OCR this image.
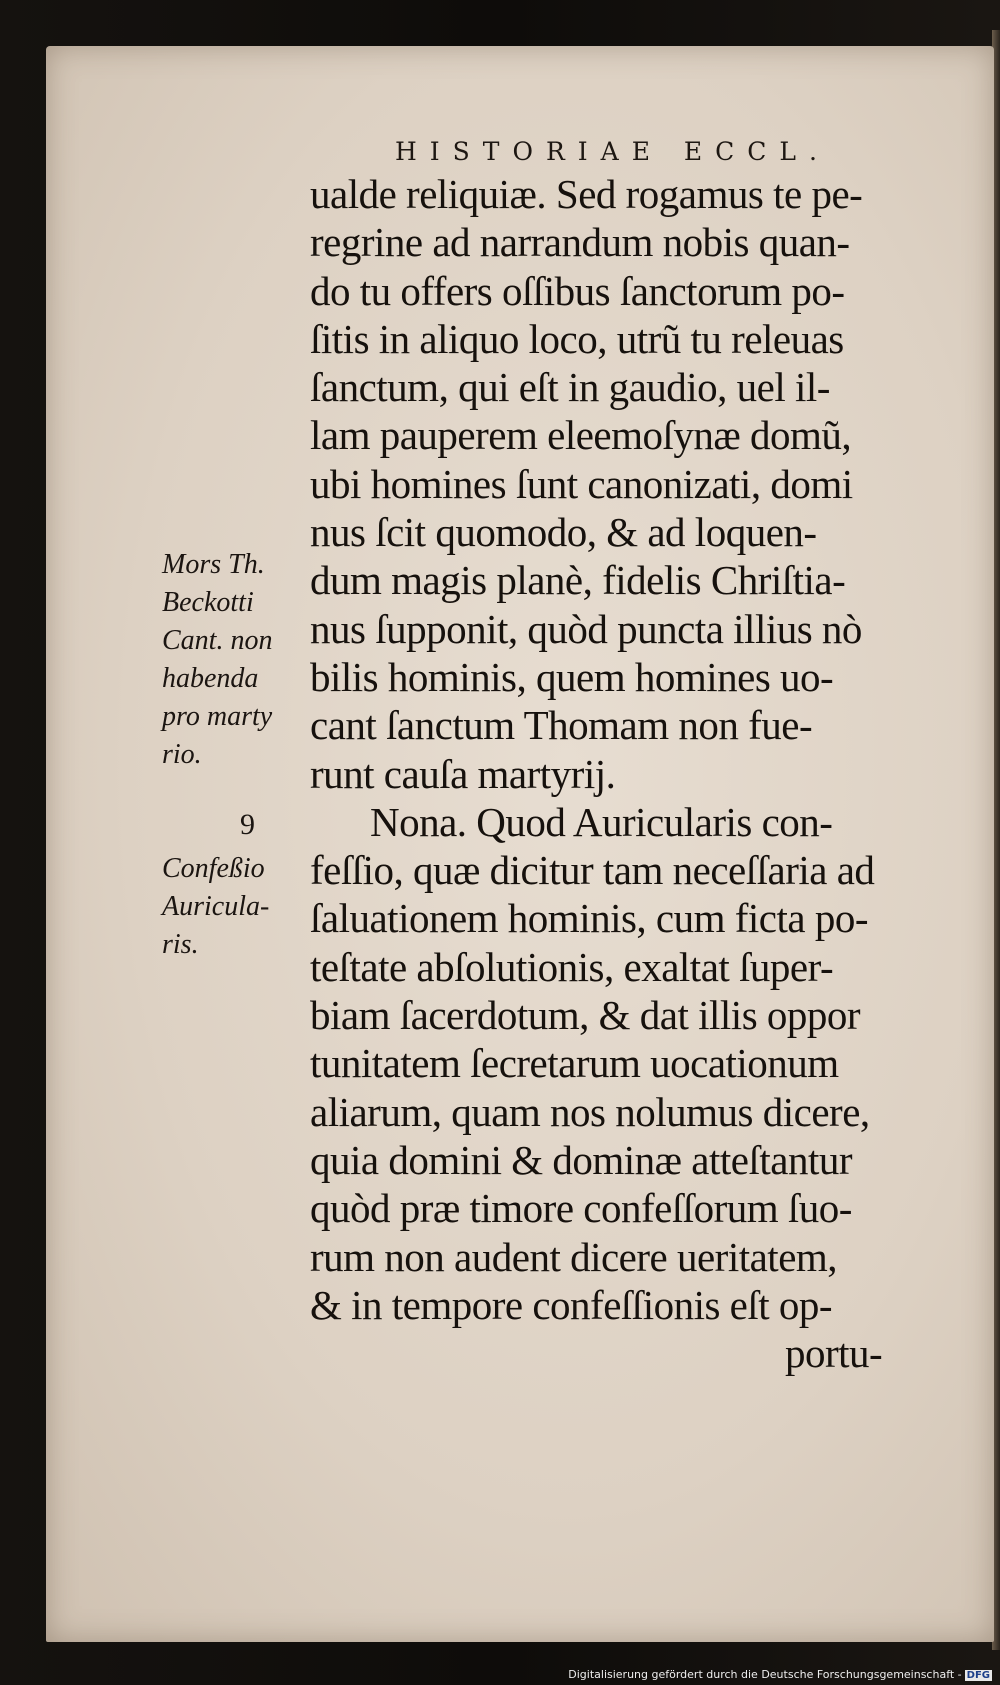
HISTORIAE ECCL.
ualde reliquiæ. Sed rogamus te pe-
regrine ad narrandum nobis quan-
do tu offers oſſibus ſanctorum po-
ſitis in aliquo loco, utrũ tu releuas
ſanctum, qui eſt in gaudio, uel il-
lam pauperem eleemoſynæ domũ,
ubi homines ſunt canonizati, domi
nus ſcit quomodo, & ad loquen-
dum magis planè, fidelis Chriſtia-
nus ſupponit, quòd puncta illius nò
bilis hominis, quem homines uo-
cant ſanctum Thomam non fue-
runt cauſa martyrij.
Nona. Quod Auricularis con-
feſſio, quæ dicitur tam neceſſaria ad
ſaluationem hominis, cum ficta po-
teſtate abſolutionis, exaltat ſuper-
biam ſacerdotum, & dat illis oppor
tunitatem ſecretarum uocationum
aliarum, quam nos nolumus dicere,
quia domini & dominæ atteſtantur
quòd præ timore confeſſorum ſuo-
rum non audent dicere ueritatem,
& in tempore confeſſionis eſt op-
portu-
Mors Th.
Beckotti
Cant. non
habenda
pro marty
rio.
9
Confeßio
Auricula-
ris.
Digitalisierung gefördert durch die Deutsche Forschungsgemeinschaft - DFG
